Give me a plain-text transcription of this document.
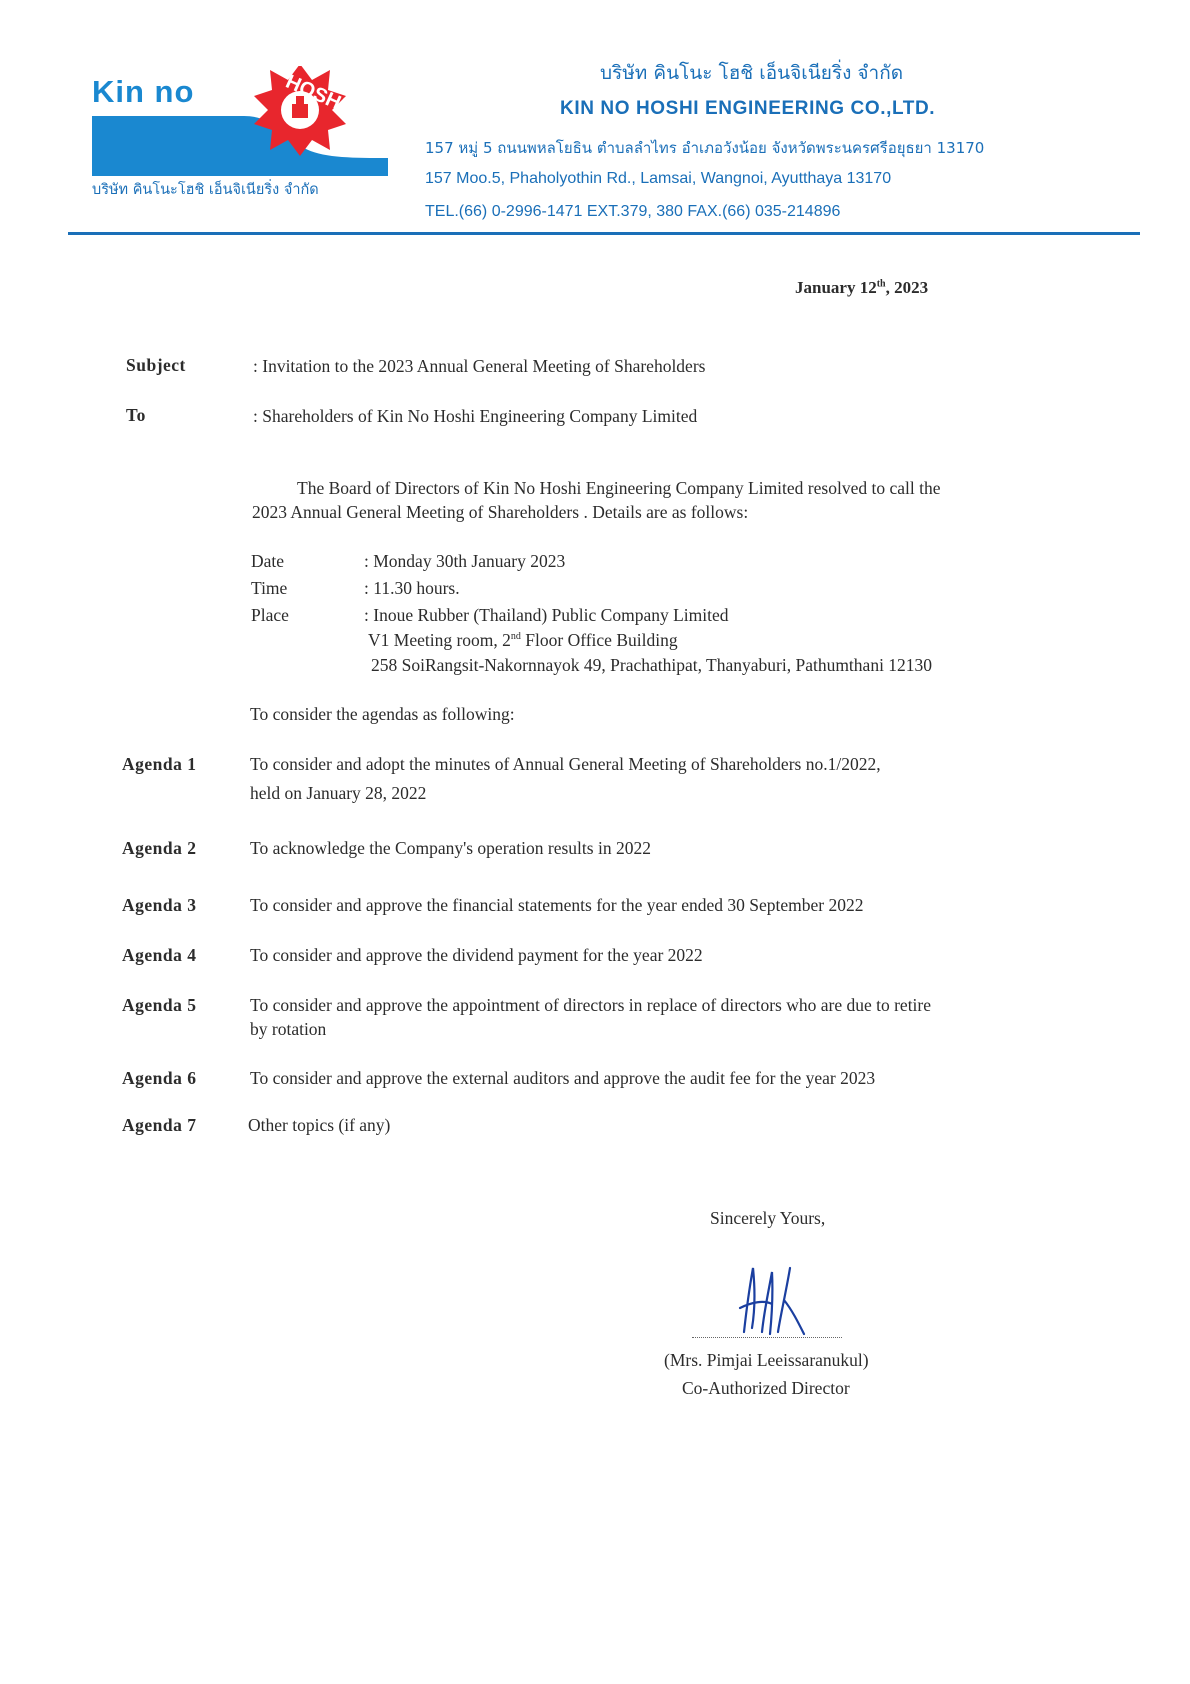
Kin no	HOSHI
บริษัท คินโนะโฮชิ เอ็นจิเนียริ่ง จำกัด
บริษัท คินโนะ โฮชิ เอ็นจิเนียริ่ง จำกัด
KIN NO HOSHI ENGINEERING CO.,LTD.
157 หมู่ 5 ถนนพหลโยธิน ตำบลลำไทร อำเภอวังน้อย จังหวัดพระนครศรีอยุธยา 13170
157 Moo.5, Phaholyothin Rd., Lamsai, Wangnoi, Ayutthaya 13170
TEL.(66) 0-2996-1471 EXT.379, 380 FAX.(66) 035-214896
January 12th, 2023
Subject	: Invitation to the 2023 Annual General Meeting of Shareholders
To	: Shareholders of Kin No Hoshi Engineering Company Limited
The Board of Directors of Kin No Hoshi Engineering Company Limited resolved to call the
2023 Annual General Meeting of Shareholders . Details are as follows:
Date	: Monday 30th January 2023
Time	: 11.30 hours.
Place	: Inoue Rubber (Thailand) Public Company Limited
V1 Meeting room, 2nd Floor Office Building
258 SoiRangsit-Nakornnayok 49, Prachathipat, Thanyaburi, Pathumthani 12130
To consider the agendas as following:
Agenda 1	To consider and adopt the minutes of Annual General Meeting of Shareholders no.1/2022,
held on January 28, 2022
Agenda 2	To acknowledge the Company's operation results in 2022
Agenda 3	To consider and approve the financial statements for the year ended 30 September 2022
Agenda 4	To consider and approve the dividend payment for the year 2022
Agenda 5	To consider and approve the appointment of directors in replace of directors who are due to retire
by rotation
Agenda 6	To consider and approve the external auditors and approve the audit fee for the year 2023
Agenda 7	Other topics (if any)
Sincerely Yours,
(Mrs. Pimjai Leeissaranukul)
Co-Authorized Director
